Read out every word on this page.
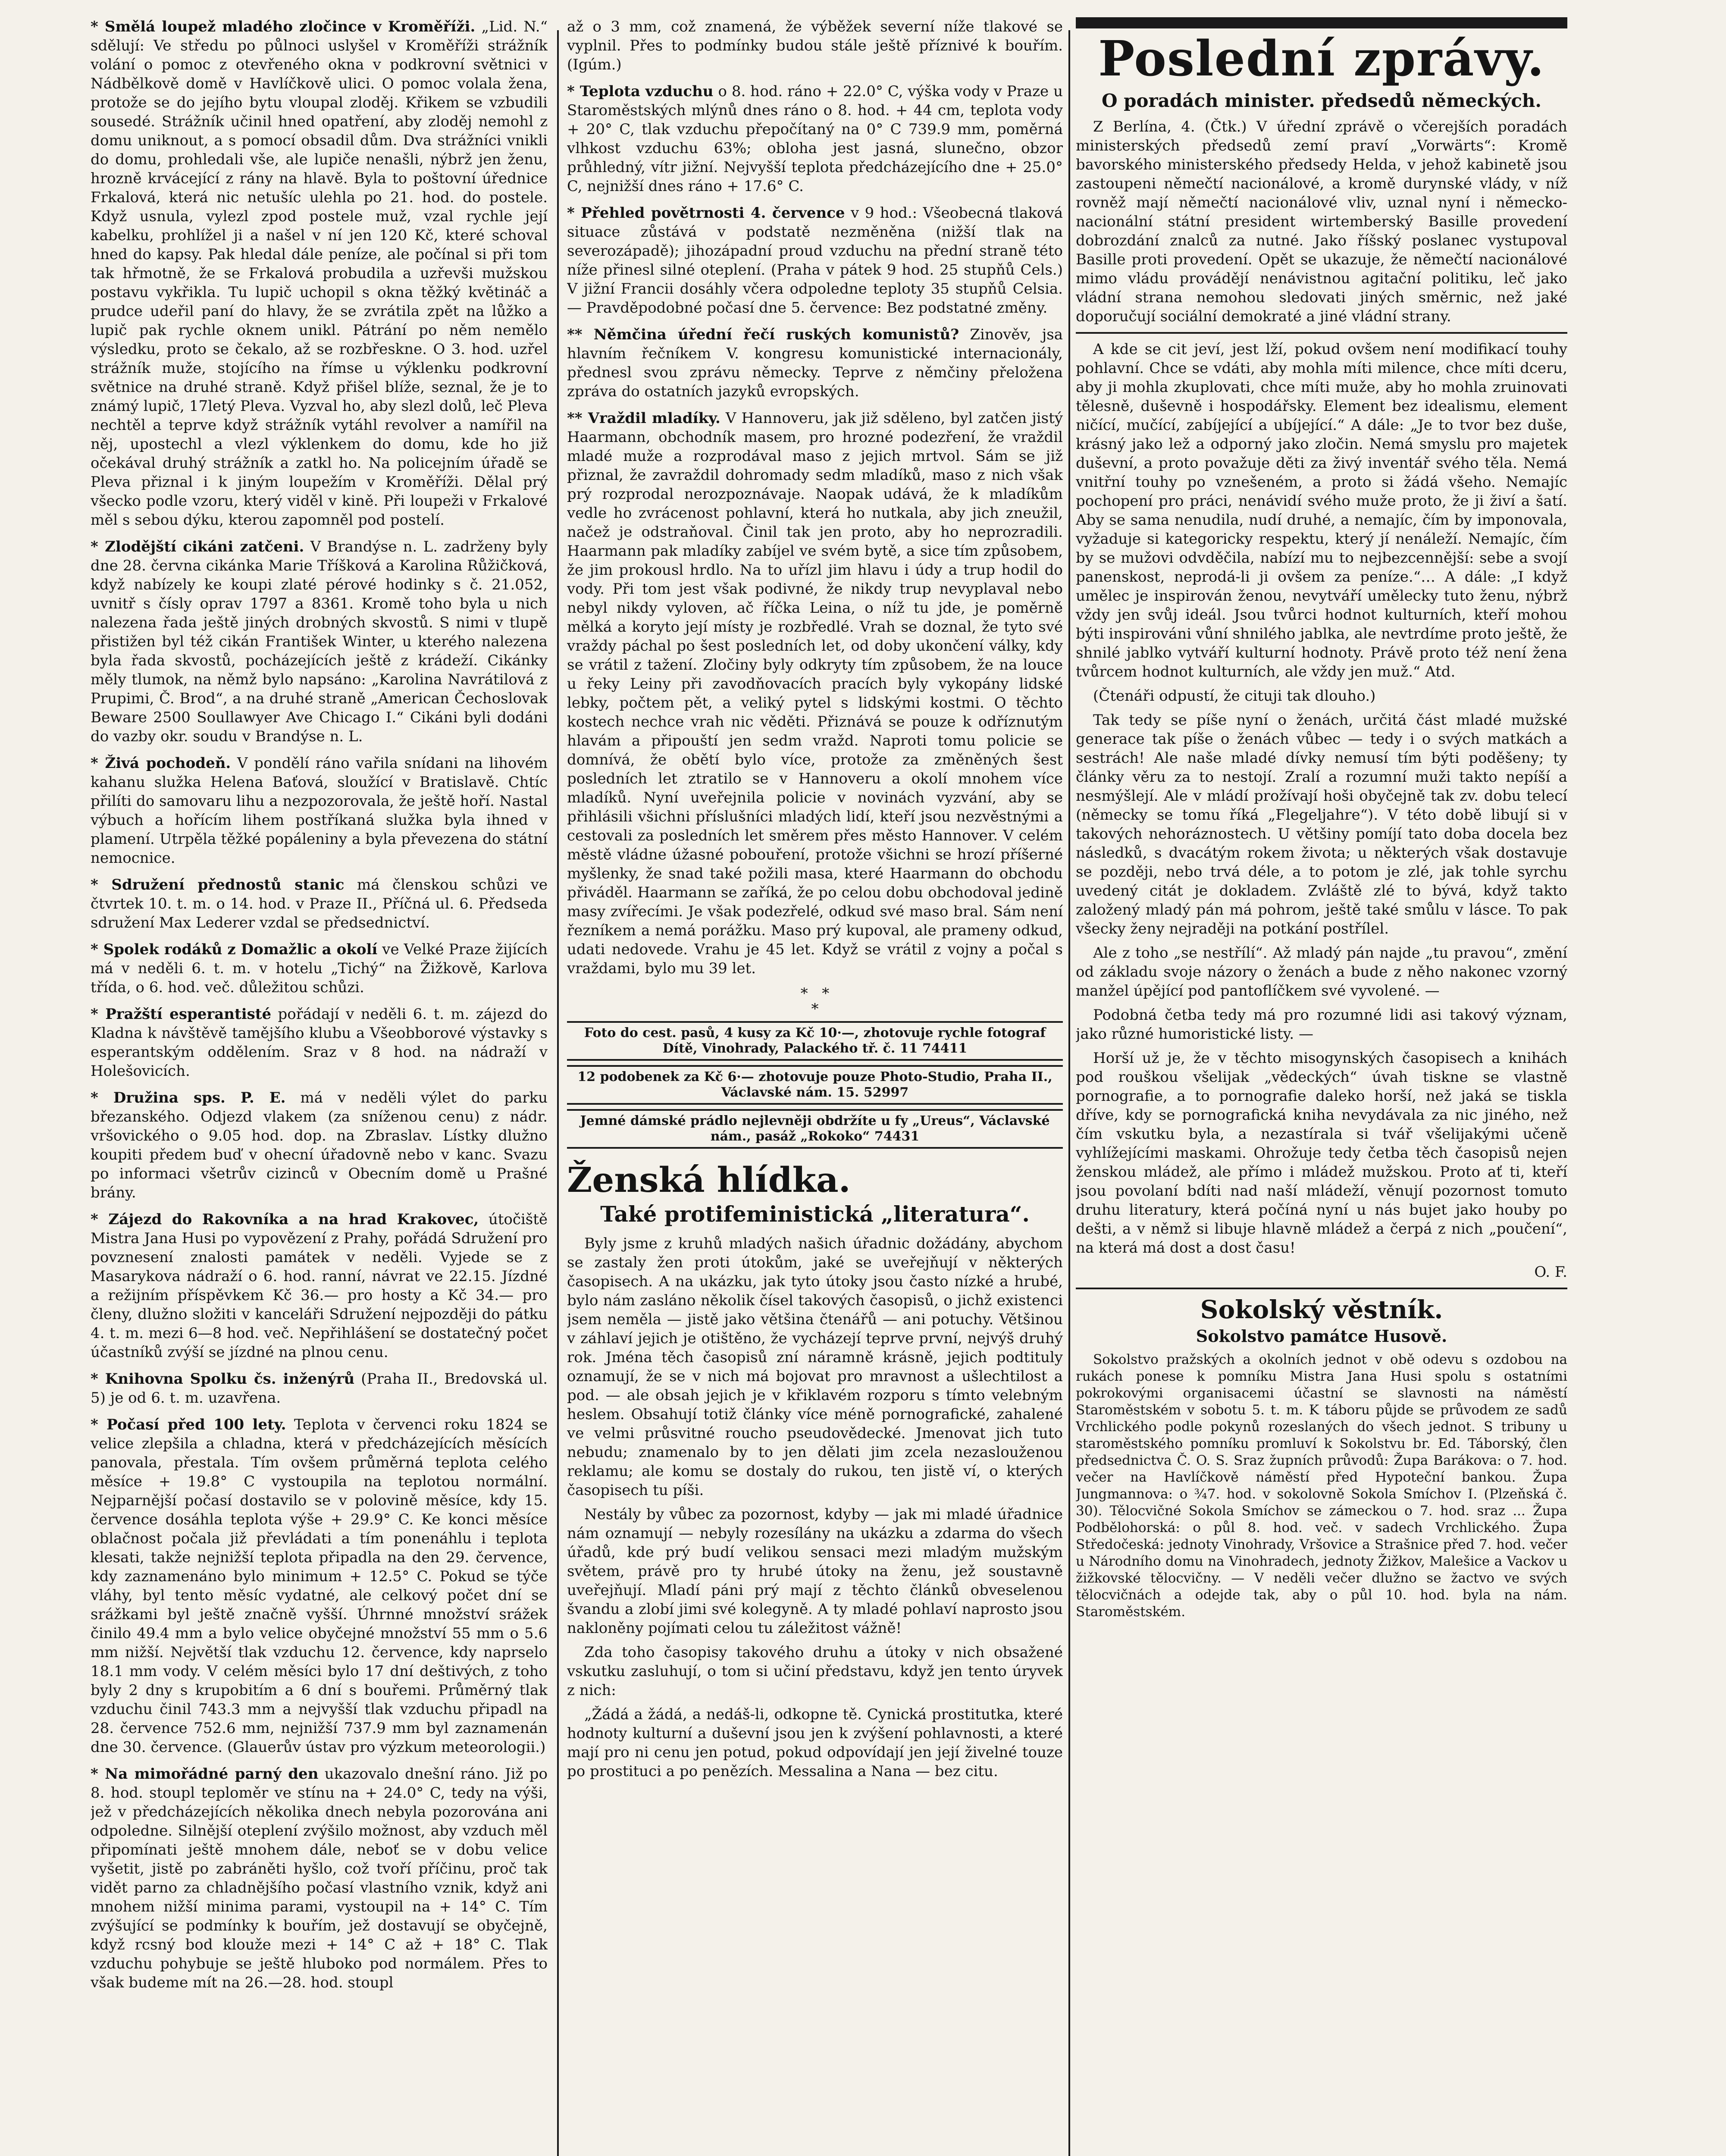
* Smělá loupež mladého zločince v Kroměříži. „Lid. N.“ sdělují: Ve středu po půlnoci uslyšel v Kroměříži strážník volání o pomoc z otevřeného okna v podkrovní světnici v Nádbělkově domě v Havlíčkově ulici. O pomoc volala žena, protože se do jejího bytu vloupal zloděj. Křikem se vzbudili sousedé. Strážník učinil hned opatření, aby zloděj nemohl z domu uniknout, a s pomocí obsadil dům. Dva strážníci vnikli do domu, prohledali vše, ale lupiče nenašli, nýbrž jen ženu, hrozně krvácející z rány na hlavě. Byla to poštovní úřednice Frkalová, která nic netušíc ulehla po 21. hod. do postele. Když usnula, vylezl zpod postele muž, vzal rychle její kabelku, prohlížel ji a našel v ní jen 120 Kč, které schoval hned do kapsy. Pak hledal dále peníze, ale počínal si při tom tak hřmotně, že se Frkalová probudila a uzřevši mužskou postavu vykřikla. Tu lupič uchopil s okna těžký květináč a prudce udeřil paní do hlavy, že se zvrátila zpět na lůžko a lupič pak rychle oknem unikl. Pátrání po něm nemělo výsledku, proto se čekalo, až se rozbřeskne. O 3. hod. uzřel strážník muže, stojícího na římse u výklenku podkrovní světnice na druhé straně. Když přišel blíže, seznal, že je to známý lupič, 17letý Pleva. Vyzval ho, aby slezl dolů, leč Pleva nechtěl a teprve když strážník vytáhl revolver a namířil na něj, upostechl a vlezl výklenkem do domu, kde ho již očekával druhý strážník a zatkl ho. Na policejním úřadě se Pleva přiznal i k jiným loupežím v Kroměříži. Dělal prý všecko podle vzoru, který viděl v kině. Při loupeži v Frkalové měl s sebou dýku, kterou zapomněl pod postelí.
* Zlodějští cikáni zatčeni. V Brandýse n. L. zadrženy byly dne 28. června cikánka Marie Tříšková a Karolina Růžičková, když nabízely ke koupi zlaté pérové hodinky s č. 21.052, uvnitř s čísly oprav 1797 a 8361. Kromě toho byla u nich nalezena řada ještě jiných drobných skvostů. S nimi v tlupě přistižen byl též cikán František Winter, u kterého nalezena byla řada skvostů, pocházejících ještě z krádeží. Cikánky měly tlumok, na němž bylo napsáno: „Karolina Navrátilová z Prupimi, Č. Brod“, a na druhé straně „American Čechoslovak Beware 2500 Soullawyer Ave Chicago I.“ Cikáni byli dodáni do vazby okr. soudu v Brandýse n. L.
* Živá pochodeň. V pondělí ráno vařila snídani na lihovém kahanu služka Helena Baťová, sloužící v Bratislavě. Chtíc přilíti do samovaru lihu a nezpozorovala, že ještě hoří. Nastal výbuch a hořícím lihem postříkaná služka byla ihned v plamení. Utrpěla těžké popáleniny a byla převezena do státní nemocnice.
* Sdružení přednostů stanic má členskou schůzi ve čtvrtek 10. t. m. o 14. hod. v Praze II., Příčná ul. 6. Předseda sdružení Max Lederer vzdal se předsednictví.
* Spolek rodáků z Domažlic a okolí ve Velké Praze žijících má v neděli 6. t. m. v hotelu „Tichý“ na Žižkově, Karlova třída, o 6. hod. več. důležitou schůzi.
* Pražští esperantisté pořádají v neděli 6. t. m. zájezd do Kladna k návštěvě tamějšího klubu a Všeobborové výstavky s esperantským oddělením. Sraz v 8 hod. na nádraží v Holešovicích.
* Družina sps. P. E. má v neděli výlet do parku březanského. Odjezd vlakem (za sníženou cenu) z nádr. vršovického o 9.05 hod. dop. na Zbraslav. Lístky dlužno koupiti předem buď v ohecní úřadovně nebo v kanc. Svazu po informaci všetrův cizinců v Obecním domě u Prašné brány.
* Zájezd do Rakovníka a na hrad Krakovec, útočiště Mistra Jana Husi po vypovězení z Prahy, pořádá Sdružení pro povznesení znalosti památek v neděli. Vyjede se z Masarykova nádraží o 6. hod. ranní, návrat ve 22.15. Jízdné a režijním příspěvkem Kč 36.— pro hosty a Kč 34.— pro členy, dlužno složiti v kanceláři Sdružení nejpozději do pátku 4. t. m. mezi 6—8 hod. več. Nepřihlášení se dostatečný počet účastníků zvýší se jízdné na plnou cenu.
* Knihovna Spolku čs. inženýrů (Praha II., Bredovská ul. 5) je od 6. t. m. uzavřena.
* Počasí před 100 lety. Teplota v červenci roku 1824 se velice zlepšila a chladna, která v předcházejících měsících panovala, přestala. Tím ovšem průměrná teplota celého měsíce + 19.8° C vystoupila na teplotou normální. Nejparnější počasí dostavilo se v polovině měsíce, kdy 15. července dosáhla teplota výše + 29.9° C. Ke konci měsíce oblačnost počala již převládati a tím ponenáhlu i teplota klesati, takže nejnižší teplota připadla na den 29. července, kdy zaznamenáno bylo minimum + 12.5° C. Pokud se týče vláhy, byl tento měsíc vydatné, ale celkový počet dní se srážkami byl ještě značně vyšší. Úhrnné množství srážek činilo 49.4 mm a bylo velice obyčejné množství 55 mm o 5.6 mm nižší. Největší tlak vzduchu 12. července, kdy naprselo 18.1 mm vody. V celém měsíci bylo 17 dní deštivých, z toho byly 2 dny s krupobitím a 6 dní s bouřemi. Průměrný tlak vzduchu činil 743.3 mm a nejvyšší tlak vzduchu připadl na 28. července 752.6 mm, nejnižší 737.9 mm byl zaznamenán dne 30. července. (Glauerův ústav pro výzkum meteorologii.)
* Na mimořádné parný den ukazovalo dnešní ráno. Již po 8. hod. stoupl teploměr ve stínu na + 24.0° C, tedy na výši, jež v předcházejících několika dnech nebyla pozorována ani odpoledne. Silnější oteplení zvýšilo možnost, aby vzduch měl připomínati ještě mnohem dále, neboť se v dobu velice vyšetit, jistě po zabráněti hyšlo, což tvoří příčinu, proč tak vidět parno za chladnějšího počasí vlastního vznik, když ani mnohem nižší minima parami, vystoupil na + 14° C. Tím zvýšující se podmínky k bouřím, jež dostavují se obyčejně, když rcsný bod klouže mezi + 14° C až + 18° C. Tlak vzduchu pohybuje se ještě hluboko pod normálem. Přes to však budeme mít na 26.—28. hod. stoupl
až o 3 mm, což znamená, že výběžek severní níže tlakové se vyplnil. Přes to podmínky budou stále ještě příznivé k bouřím. (Igúm.)
* Teplota vzduchu o 8. hod. ráno + 22.0° C, výška vody v Praze u Staroměstských mlýnů dnes ráno o 8. hod. + 44 cm, teplota vody + 20° C, tlak vzduchu přepočítaný na 0° C 739.9 mm, poměrná vlhkost vzduchu 63%; obloha jest jasná, slunečno, obzor průhledný, vítr jižní. Nejvyšší teplota předcházejícího dne + 25.0° C, nejnižší dnes ráno + 17.6° C.
* Přehled povětrnosti 4. července v 9 hod.: Všeobecná tlaková situace zůstává v podstatě nezměněna (nižší tlak na severozápadě); jihozápadní proud vzduchu na přední straně této níže přinesl silné oteplení. (Praha v pátek 9 hod. 25 stupňů Cels.) V jižní Francii dosáhly včera odpoledne teploty 35 stupňů Celsia. — Pravděpodobné počasí dne 5. července: Bez podstatné změny.
** Němčina úřední řečí ruských komunistů? Zinověv, jsa hlavním řečníkem V. kongresu komunistické internacionály, přednesl svou zprávu německy. Teprve z němčiny přeložena zpráva do ostatních jazyků evropských.
** Vraždil mladíky. V Hannoveru, jak již sděleno, byl zatčen jistý Haarmann, obchodník masem, pro hrozné podezření, že vraždil mladé muže a rozprodával maso z jejich mrtvol. Sám se již přiznal, že zavraždil dohromady sedm mladíků, maso z nich však prý rozprodal nerozpoznávaje. Naopak udává, že k mladíkům vedle ho zvrácenost pohlavní, která ho nutkala, aby jich zneužil, načež je odstraňoval. Činil tak jen proto, aby ho neprozradili. Haarmann pak mladíky zabíjel ve svém bytě, a sice tím způsobem, že jim prokousl hrdlo. Na to uřízl jim hlavu i údy a trup hodil do vody. Při tom jest však podivné, že nikdy trup nevyplaval nebo nebyl nikdy vyloven, ač říčka Leina, o níž tu jde, je poměrně mělká a koryto její místy je rozbředlé. Vrah se doznal, že tyto své vraždy páchal po šest posledních let, od doby ukončení války, kdy se vrátil z tažení. Zločiny byly odkryty tím způsobem, že na louce u řeky Leiny při zavodňovacích pracích byly vykopány lidské lebky, počtem pět, a veliký pytel s lidskými kostmi. O těchto kostech nechce vrah nic věděti. Přiznává se pouze k odříznutým hlavám a připouští jen sedm vražd. Naproti tomu policie se domnívá, že obětí bylo více, protože za změněných šest posledních let ztratilo se v Hannoveru a okolí mnohem více mladíků. Nyní uveřejnila policie v novinách vyzvání, aby se přihlásili všichni příslušníci mladých lidí, kteří jsou nezvěstnými a cestovali za posledních let směrem přes město Hannover. V celém městě vládne úžasné pobouření, protože všichni se hrozí příšerné myšlenky, že snad také požili masa, které Haarmann do obchodu přiváděl. Haarmann se zaříká, že po celou dobu obchodoval jedině masy zvířecími. Je však podezřelé, odkud své maso bral. Sám není řezníkem a nemá porážku. Maso prý kupoval, ale prameny odkud, udati nedovede. Vrahu je 45 let. Když se vrátil z vojny a počal s vraždami, bylo mu 39 let.
*   *
*
Foto do cest. pasů, 4 kusy za Kč 10·—, zhotovuje rychle fotograf Dítě, Vinohrady, Palackého tř. č. 11 74411
12 podobenek za Kč 6·— zhotovuje pouze Photo-Studio, Praha II., Václavské nám. 15. 52997
Jemné dámské prádlo nejlevněji obdržíte u fy „Ureus“, Václavské nám., pasáž „Rokoko“ 74431
Ženská hlídka.
Také protifeministická „literatura“.
Byly jsme z kruhů mladých našich úřadnic dožádány, abychom se zastaly žen proti útokům, jaké se uveřejňují v některých časopisech. A na ukázku, jak tyto útoky jsou často nízké a hrubé, bylo nám zasláno několik čísel takových časopisů, o jichž existenci jsem neměla — jistě jako většina čtenářů — ani potuchy. Většinou v záhlaví jejich je otištěno, že vycházejí teprve první, nejvýš druhý rok. Jména těch časopisů zní náramně krásně, jejich podtituly oznamují, že se v nich má bojovat pro mravnost a ušlechtilost a pod. — ale obsah jejich je v křiklavém rozporu s tímto velebným heslem. Obsahují totiž články více méně pornografické, zahalené ve velmi průsvitné roucho pseudovědecké. Jmenovat jich tuto nebudu; znamenalo by to jen dělati jim zcela nezaslouženou reklamu; ale komu se dostaly do rukou, ten jistě ví, o kterých časopisech tu píši.
Nestály by vůbec za pozornost, kdyby — jak mi mladé úřadnice nám oznamují — nebyly rozesílány na ukázku a zdarma do všech úřadů, kde prý budí velikou sensaci mezi mladým mužským světem, právě pro ty hrubé útoky na ženu, jež soustavně uveřejňují. Mladí páni prý mají z těchto článků obveselenou švandu a zlobí jimi své kolegyně. A ty mladé pohlaví naprosto jsou nakloněny pojímati celou tu záležitost vážně!
Zda toho časopisy takového druhu a útoky v nich obsažené vskutku zasluhují, o tom si učiní představu, když jen tento úryvek z nich:
„Žádá a žádá, a nedáš-li, odkopne tě. Cynická prostitutka, které hodnoty kulturní a duševní jsou jen k zvýšení pohlavnosti, a které mají pro ni cenu jen potud, pokud odpovídají jen její živelné touze po prostituci a po penězích. Messalina a Nana — bez citu.
Poslední zprávy.
O poradách minister. předsedů německých.
Z Berlína, 4. (Čtk.) V úřední zprávě o včerejších poradách ministerských předsedů zemí praví „Vorwärts“: Kromě bavorského ministerského předsedy Helda, v jehož kabinetě jsou zastoupeni němečtí nacionálové, a kromě durynské vlády, v níž rovněž mají němečtí nacionálové vliv, uznal nyní i německo-nacionální státní president wirtemberský Basille provedení dobrozdání znalců za nutné. Jako říšský poslanec vystupoval Basille proti provedení. Opět se ukazuje, že němečtí nacionálové mimo vládu provádějí nenávistnou agitační politiku, leč jako vládní strana nemohou sledovati jiných směrnic, než jaké doporučují sociální demokraté a jiné vládní strany.
A kde se cit jeví, jest lží, pokud ovšem není modifikací touhy pohlavní. Chce se vdáti, aby mohla míti milence, chce míti dceru, aby ji mohla zkuplovati, chce míti muže, aby ho mohla zruinovati tělesně, duševně i hospodářsky. Element bez idealismu, element ničící, mučící, zabíjející a ubíjející.“ A dále: „Je to tvor bez duše, krásný jako lež a odporný jako zločin. Nemá smyslu pro majetek duševní, a proto považuje děti za živý inventář svého těla. Nemá vnitřní touhy po vznešeném, a proto si žádá všeho. Nemajíc pochopení pro práci, nenávidí svého muže proto, že ji živí a šatí. Aby se sama nenudila, nudí druhé, a nemajíc, čím by imponovala, vyžaduje si kategoricky respektu, který jí nenáleží. Nemajíc, čím by se mužovi odvděčila, nabízí mu to nejbezcennější: sebe a svojí panenskost, neprodá-li ji ovšem za peníze.“… A dále: „I když umělec je inspirován ženou, nevytváří umělecky tuto ženu, nýbrž vždy jen svůj ideál. Jsou tvůrci hodnot kulturních, kteří mohou býti inspirováni vůní shnilého jablka, ale nevtrdíme proto ještě, že shnilé jablko vytváří kulturní hodnoty. Právě proto též není žena tvůrcem hodnot kulturních, ale vždy jen muž.“ Atd.
(Čtenáři odpustí, že cituji tak dlouho.)
Tak tedy se píše nyní o ženách, určitá část mladé mužské generace tak píše o ženách vůbec — tedy i o svých matkách a sestrách! Ale naše mladé dívky nemusí tím býti poděšeny; ty články věru za to nestojí. Zralí a rozumní muži takto nepíší a nesmýšlejí. Ale v mládí prožívají hoši obyčejně tak zv. dobu telecí (německy se tomu říká „Flegeljahre“). V této době libují si v takových nehoráznostech. U většiny pomíjí tato doba docela bez následků, s dvacátým rokem života; u některých však dostavuje se později, nebo trvá déle, a to potom je zlé, jak tohle syrchu uvedený citát je dokladem. Zvláště zlé to bývá, když takto založený mladý pán má pohrom, ještě také smůlu v lásce. To pak všecky ženy nejraději na potkání postřílel.
Ale z toho „se nestřílí“. Až mladý pán najde „tu pravou“, změní od základu svoje názory o ženách a bude z něho nakonec vzorný manžel úpějící pod pantoflíčkem své vyvolené. —
Podobná četba tedy má pro rozumné lidi asi takový význam, jako různé humoristické listy. —
Horší už je, že v těchto misogynských časopisech a knihách pod rouškou všelijak „vědeckých“ úvah tiskne se vlastně pornografie, a to pornografie daleko horší, než jaká se tiskla dříve, kdy se pornografická kniha nevydávala za nic jiného, než čím vskutku byla, a nezastírala si tvář všelijakými učeně vyhlížejícími maskami. Ohrožuje tedy četba těch časopisů nejen ženskou mládež, ale přímo i mládež mužskou. Proto ať ti, kteří jsou povolaní bdíti nad naší mládeží, věnují pozornost tomuto druhu literatury, která počíná nyní u nás bujet jako houby po dešti, a v němž si libuje hlavně mládež a čerpá z nich „poučení“, na která má dost a dost času!
O. F.
Sokolský věstník.
Sokolstvo památce Husově.
Sokolstvo pražských a okolních jednot v obě odevu s ozdobou na rukách ponese k pomníku Mistra Jana Husi spolu s ostatními pokrokovými organisacemi účastní se slavnosti na náměstí Staroměstském v sobotu 5. t. m. K táboru půjde se průvodem ze sadů Vrchlického podle pokynů rozeslaných do všech jednot. S tribuny u staroměstského pomníku promluví k Sokolstvu br. Ed. Táborský, člen předsednictva Č. O. S. Sraz župních průvodů: Župa Barákova: o 7. hod. večer na Havlíčkově náměstí před Hypoteční bankou. Župa Jungmannova: o ¾7. hod. v sokolovně Sokola Smíchov I. (Plzeňská č. 30). Tělocvičné Sokola Smíchov se zámeckou o 7. hod. sraz ... Župa Podbělohorská: o půl 8. hod. več. v sadech Vrchlického. Župa Středočeská: jednoty Vinohrady, Vršovice a Strašnice před 7. hod. večer u Národního domu na Vinohradech, jednoty Žižkov, Malešice a Vackov u žižkovské tělocvičny. — V neděli večer dlužno se žactvo ve svých tělocvičnách a odejde tak, aby o půl 10. hod. byla na nám. Staroměstském.
